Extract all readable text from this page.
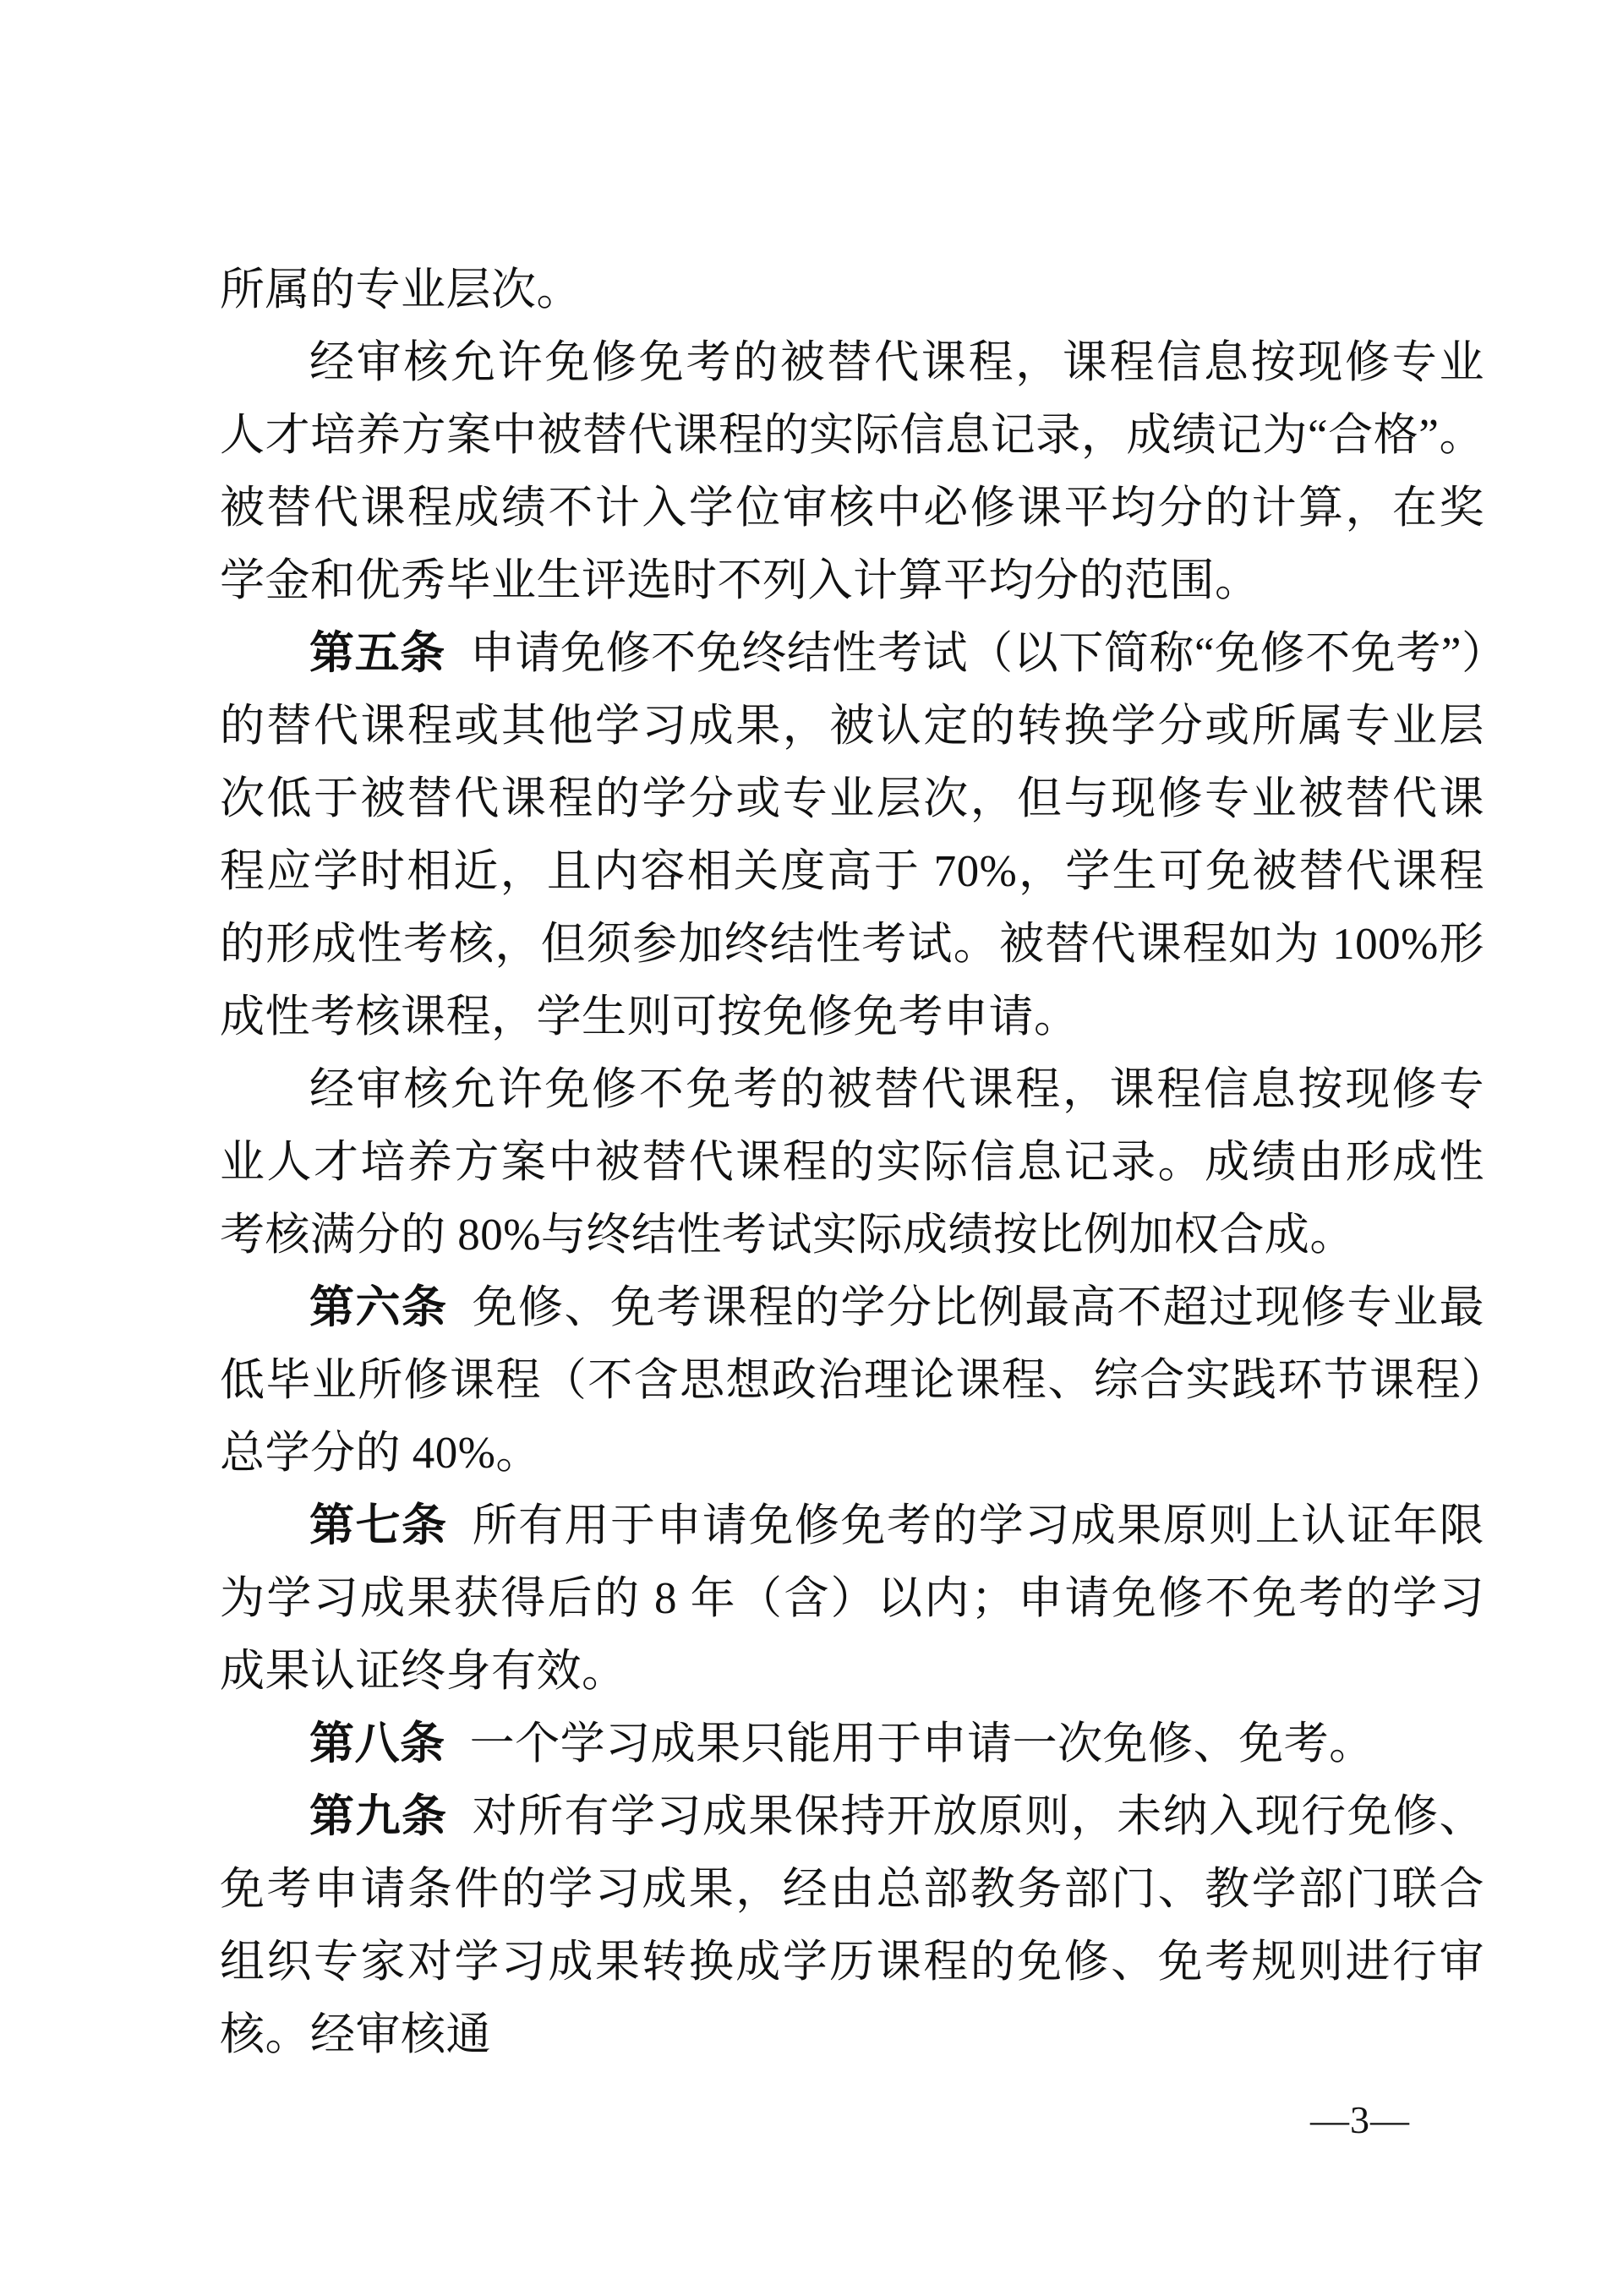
所属的专业层次。

经审核允许免修免考的被替代课程，课程信息按现修专业人才培养方案中被替代课程的实际信息记录，成绩记为“合格”。被替代课程成绩不计入学位审核中必修课平均分的计算，在奖学金和优秀毕业生评选时不列入计算平均分的范围。

第五条 申请免修不免终结性考试（以下简称“免修不免考”）的替代课程或其他学习成果，被认定的转换学分或所属专业层次低于被替代课程的学分或专业层次，但与现修专业被替代课程应学时相近，且内容相关度高于 70%，学生可免被替代课程的形成性考核，但须参加终结性考试。被替代课程如为 100%形成性考核课程，学生则可按免修免考申请。

经审核允许免修不免考的被替代课程，课程信息按现修专业人才培养方案中被替代课程的实际信息记录。成绩由形成性考核满分的 80%与终结性考试实际成绩按比例加权合成。

第六条 免修、免考课程的学分比例最高不超过现修专业最低毕业所修课程（不含思想政治理论课程、综合实践环节课程）总学分的 40%。

第七条 所有用于申请免修免考的学习成果原则上认证年限为学习成果获得后的 8 年（含）以内；申请免修不免考的学习成果认证终身有效。

第八条 一个学习成果只能用于申请一次免修、免考。

第九条 对所有学习成果保持开放原则，未纳入现行免修、免考申请条件的学习成果，经由总部教务部门、教学部门联合组织专家对学习成果转换成学历课程的免修、免考规则进行审核。经审核通

—3—
